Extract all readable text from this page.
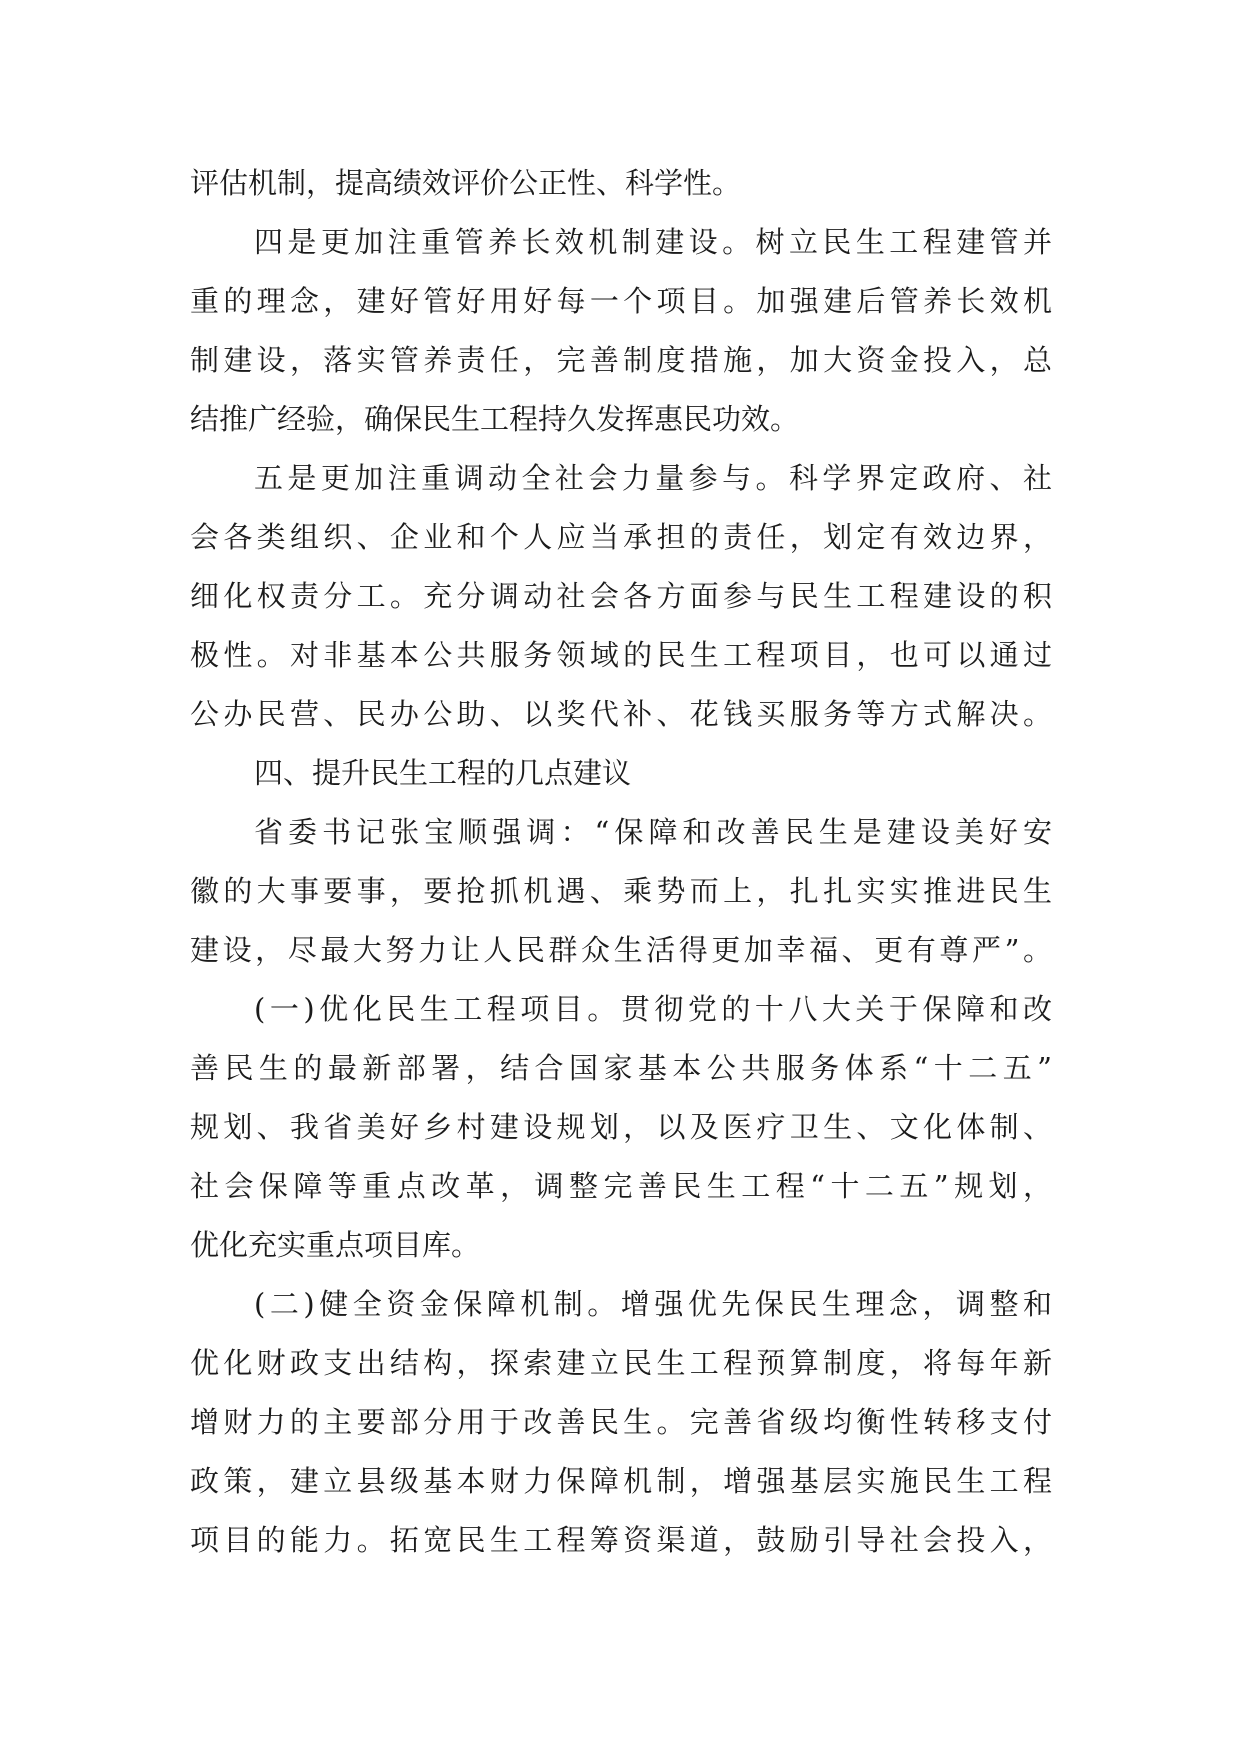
评估机制，提高绩效评价公正性、科学性。
四是更加注重管养长效机制建设。树立民生工程建管并
重的理念，建好管好用好每一个项目。加强建后管养长效机
制建设，落实管养责任，完善制度措施，加大资金投入，总
结推广经验，确保民生工程持久发挥惠民功效。
五是更加注重调动全社会力量参与。科学界定政府、社
会各类组织、企业和个人应当承担的责任，划定有效边界，
细化权责分工。充分调动社会各方面参与民生工程建设的积
极性。对非基本公共服务领域的民生工程项目，也可以通过
公办民营、民办公助、以奖代补、花钱买服务等方式解决。
四、提升民生工程的几点建议
省委书记张宝顺强调：“保障和改善民生是建设美好安
徽的大事要事，要抢抓机遇、乘势而上，扎扎实实推进民生
建设，尽最大努力让人民群众生活得更加幸福、更有尊严”。
(一)优化民生工程项目。贯彻党的十八大关于保障和改
善民生的最新部署，结合国家基本公共服务体系“十二五”
规划、我省美好乡村建设规划，以及医疗卫生、文化体制、
社会保障等重点改革，调整完善民生工程“十二五”规划，
优化充实重点项目库。
(二)健全资金保障机制。增强优先保民生理念，调整和
优化财政支出结构，探索建立民生工程预算制度，将每年新
增财力的主要部分用于改善民生。完善省级均衡性转移支付
政策，建立县级基本财力保障机制，增强基层实施民生工程
项目的能力。拓宽民生工程筹资渠道，鼓励引导社会投入，
